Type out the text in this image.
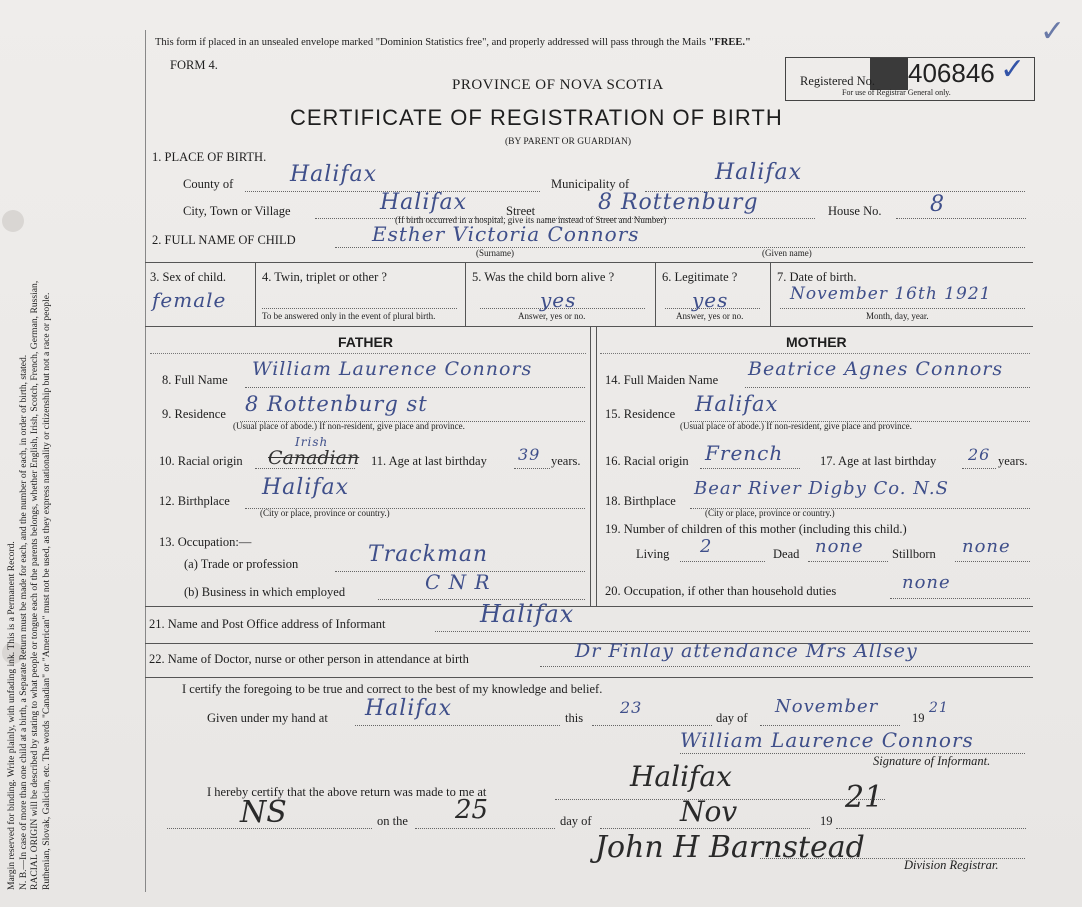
Margin reserved for binding. Write plainly, with unfading ink. This is a Permanent Record. N. B.—In case of more than one child at a birth, a Separate Return must be made for each, and the number of each, in order of birth, stated. RACIAL ORIGIN will be described by stating to what people or tongue each of the parents belongs, whether English, Irish, Scotch, French, German, Russian, Ruthenian, Slovak, Galician, etc. The words "Canadian" or "American" must not be used, as they express nationality or citizenship but not a race or people.
This form if placed in an unsealed envelope marked "Dominion Statistics free", and properly addressed will pass through the Mails "FREE."
FORM 4.
PROVINCE OF NOVA SCOTIA
CERTIFICATE OF REGISTRATION OF BIRTH
(BY PARENT OR GUARDIAN)
Registered No. 406846
For use of Registrar General only.
✓
✓
1. PLACE OF BIRTH.
County of	Halifax	Municipality of	Halifax
City, Town or Village	Halifax	Street	8 Rottenburg	House No. 8
(If birth occurred in a hospital, give its name instead of Street and Number)
2. FULL NAME OF CHILD	Esther Victoria Connors
(Surname)	(Given name)
3. Sex of child.
female
4. Twin, triplet or other ?
To be answered only in the event of plural birth.
5. Was the child born alive ?
yes
Answer, yes or no.
6. Legitimate ?
yes
Answer, yes or no.
7. Date of birth.
November 16th 1921
Month, day, year.
FATHER	MOTHER
8. Full Name William Laurence Connors
9. Residence 8 Rottenburg st
(Usual place of abode.) If non-resident, give place and province.
10. Racial origin Canadian
Irish
11. Age at last birthday 39 years.
12. Birthplace
Halifax
(City or place, province or country.)
13. Occupation:—
(a) Trade or profession	Trackman
(b) Business in which employed	C N R
14. Full Maiden Name Beatrice Agnes Connors
15. Residence Halifax
(Usual place of abode.) If non-resident, give place and province.
16. Racial origin French	17. Age at last birthday 26 years.
18. Birthplace
Bear River Digby Co. N.S
(City or place, province or country.)
19. Number of children of this mother (including this child.)
Living 2	Dead none Stillborn none
20. Occupation, if other than household duties	none
21. Name and Post Office address of Informant	Halifax
22. Name of Doctor, nurse or other person in attendance at birth	Dr Finlay attendance Mrs Allsey
I certify the foregoing to be true and correct to the best of my knowledge and belief.
Given under my hand at Halifax	this
23
day of
November
19
21
William Laurence Connors
Signature of Informant.
I hereby certify that the above return was made to me at	Halifax
NS	on the 25	day of	Nov	19
21
John H Barnstead	Division Registrar.
